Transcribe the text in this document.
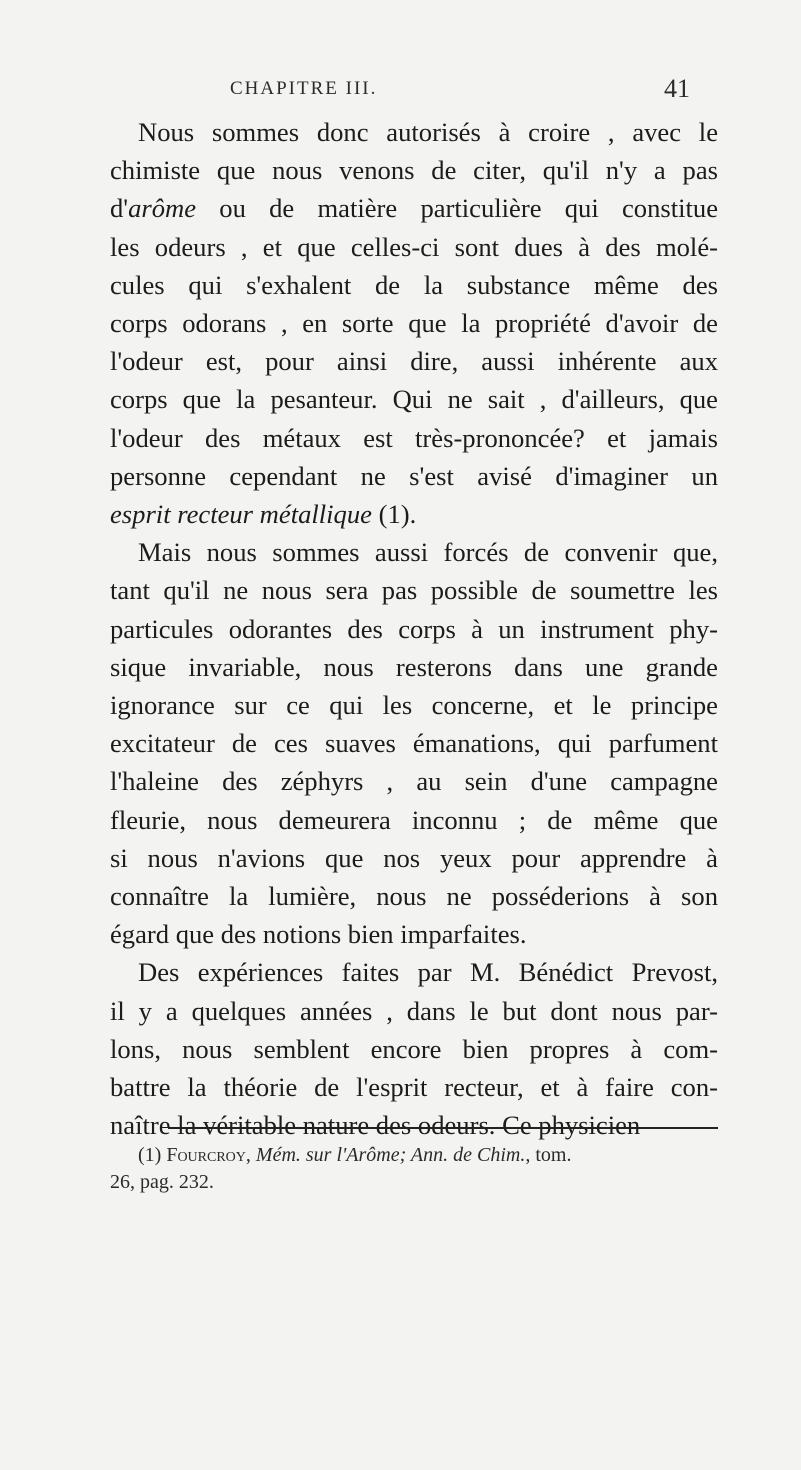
CHAPITRE III.	41
Nous sommes donc autorisés à croire , avec le
chimiste que nous venons de citer, qu'il n'y a pas
d'arôme ou de matière particulière qui constitue
les odeurs , et que celles-ci sont dues à des molé-
cules qui s'exhalent de la substance même des
corps odorans , en sorte que la propriété d'avoir de
l'odeur est, pour ainsi dire, aussi inhérente aux
corps que la pesanteur. Qui ne sait , d'ailleurs, que
l'odeur des métaux est très-prononcée? et jamais
personne cependant ne s'est avisé d'imaginer un
esprit recteur métallique (1).
Mais nous sommes aussi forcés de convenir que,
tant qu'il ne nous sera pas possible de soumettre les
particules odorantes des corps à un instrument phy-
sique invariable, nous resterons dans une grande
ignorance sur ce qui les concerne, et le principe
excitateur de ces suaves émanations, qui parfument
l'haleine des zéphyrs , au sein d'une campagne
fleurie, nous demeurera inconnu ; de même que
si nous n'avions que nos yeux pour apprendre à
connaître la lumière, nous ne posséderions à son
égard que des notions bien imparfaites.
Des expériences faites par M. Bénédict Prevost,
il y a quelques années , dans le but dont nous par-
lons, nous semblent encore bien propres à com-
battre la théorie de l'esprit recteur, et à faire con-
naître la véritable nature des odeurs. Ce physicien
(1) Fourcroy, Mém. sur l'Arôme; Ann. de Chim., tom.
26, pag. 232.
